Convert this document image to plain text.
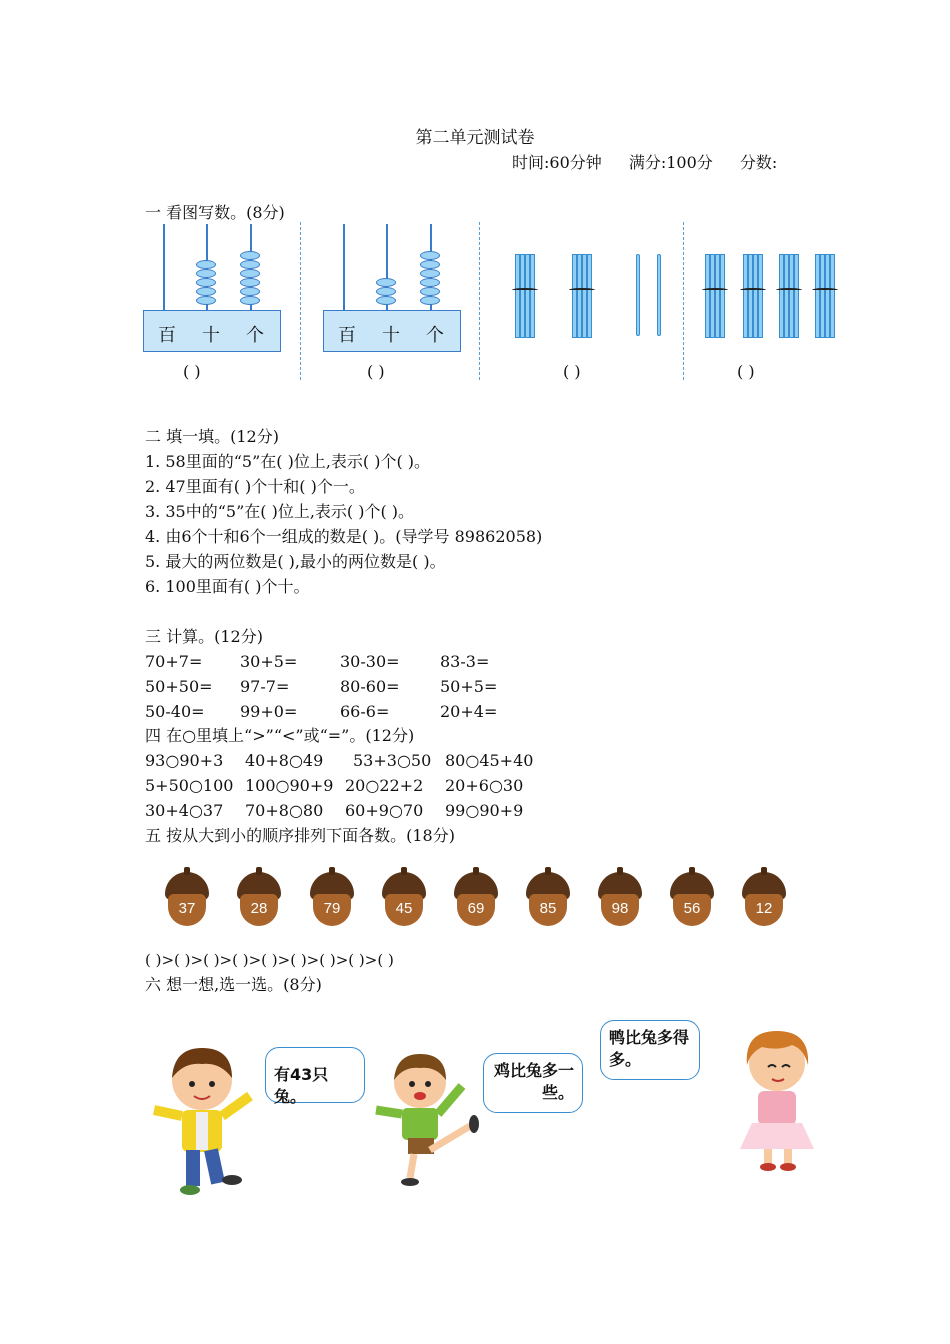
第二单元测试卷
时间:60分钟 满分:100分 分数:
一 看图写数。(8分)
百 十 个
( )
百 十 个
( )	( )	( )
二 填一填。(12分)
1. 58里面的“5”在( )位上,表示( )个( )。
2. 47里面有( )个十和( )个一。
3. 35中的“5”在( )位上,表示( )个( )。
4. 由6个十和6个一组成的数是( )。(导学号 89862058)
5. 最大的两位数是( ),最小的两位数是( )。
6. 100里面有( )个十。
三 计算。(12分)
70+7=	30+5=	30-30=	83-3=
50+50=	97-7=	80-60=	50+5=
50-40=	99+0=	66-6=	20+4=
四 在○里填上“>”“<”或“=”。(12分)
93○90+3	40+8○49	53+3○50 80○45+40
5+50○100 100○90+9 20○22+2	20+6○30
30+4○37	70+8○80	60+9○70	99○90+9
五 按从大到小的顺序排列下面各数。(18分)
37	28	79	45	69	85	98	56	12
( )>( )>( )>( )>( )>( )>( )>( )>( )
六 想一想,选一选。(8分)
有43只兔。
鸡比兔多一些。
鸭比兔多得多。
